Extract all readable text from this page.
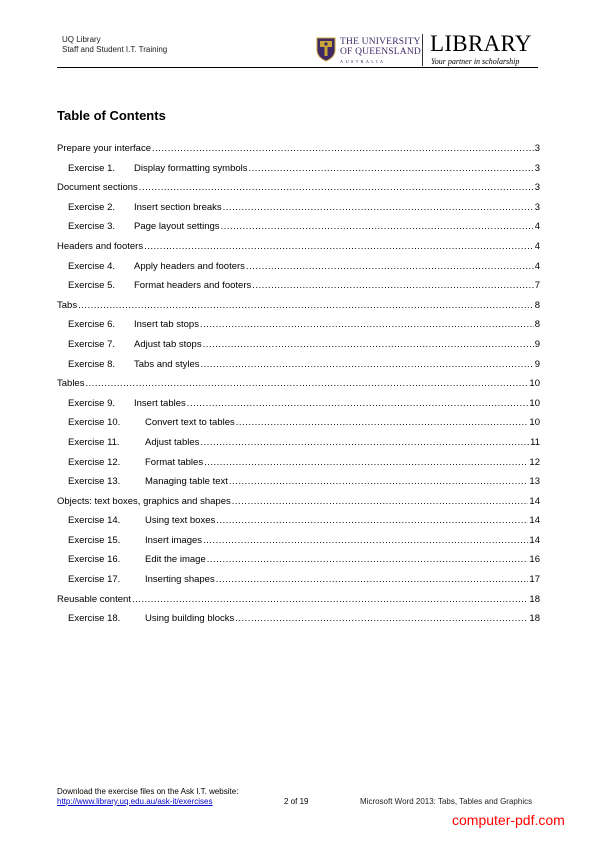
UQ Library
Staff and Student I.T. Training
THE UNIVERSITY
OF QUEENSLAND
AUSTRALIA
LIBRARY
Your partner in scholarship
Table of Contents
Prepare your interface .....	3
Exercise 1.	Display formatting symbols .....	3
Document sections .....	3
Exercise 2.	Insert section breaks .....	3
Exercise 3.	Page layout settings .....	4
Headers and footers .....	4
Exercise 4.	Apply headers and footers .....	4
Exercise 5.	Format headers and footers .....	7
Tabs .....	8
Exercise 6.	Insert tab stops .....	8
Exercise 7.	Adjust tab stops .....	9
Exercise 8.	Tabs and styles .....	9
Tables .....	10
Exercise 9.	Insert tables .....	10
Exercise 10.	Convert text to tables .....	10
Exercise 11.	Adjust tables .....	11
Exercise 12.	Format tables .....	12
Exercise 13.	Managing table text .....	13
Objects: text boxes, graphics and shapes .....	14
Exercise 14.	Using text boxes .....	14
Exercise 15.	Insert images .....	14
Exercise 16.	Edit the image .....	16
Exercise 17.	Inserting shapes .....	17
Reusable content .....	18
Exercise 18.	Using building blocks .....	18
Download the exercise files on the Ask I.T. website:
http://www.library.uq.edu.au/ask-it/exercises	2 of 19	Microsoft Word 2013: Tabs, Tables and Graphics
computer-pdf.com
